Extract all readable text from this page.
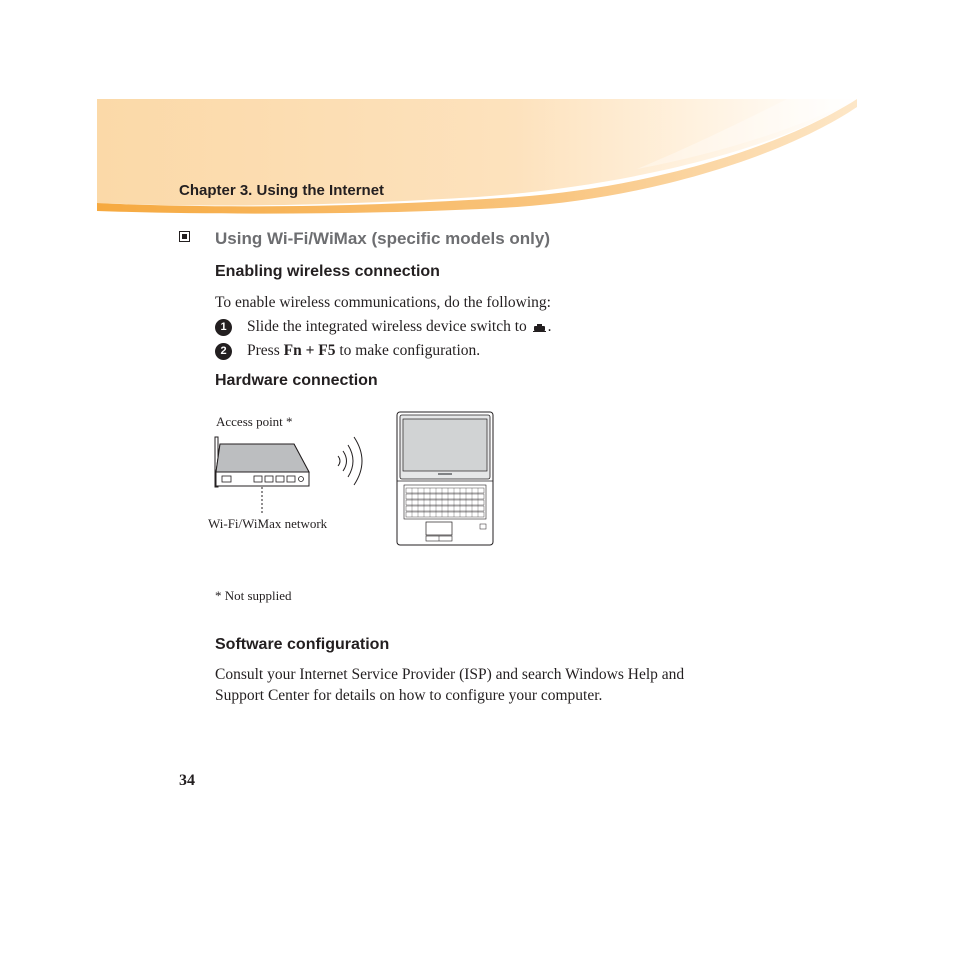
Chapter 3. Using the Internet
Using Wi-Fi/WiMax (specific models only)
Enabling wireless connection
To enable wireless communications, do the following:
1	Slide the integrated wireless device switch to .
2	Press Fn + F5 to make configuration.
Hardware connection
Access point *
Wi-Fi/WiMax network
* Not supplied
Software configuration
Consult your Internet Service Provider (ISP) and search Windows Help and
Support Center for details on how to configure your computer.
34
